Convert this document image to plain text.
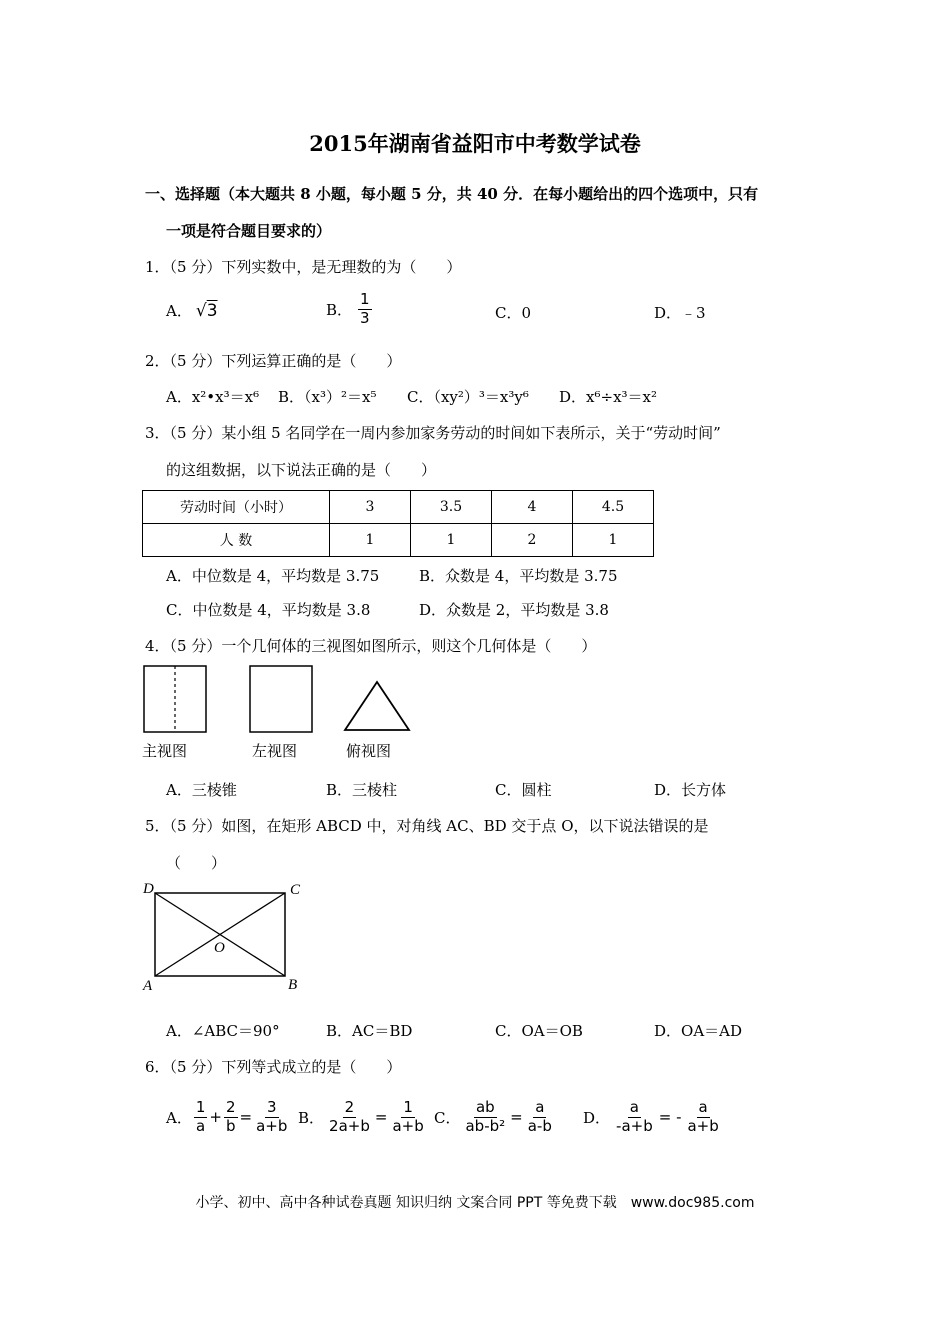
2015年湖南省益阳市中考数学试卷
一、选择题（本大题共 8 小题，每小题 5 分，共 40 分．在每小题给出的四个选项中，只有
一项是符合题目要求的）
1．（5 分）下列实数中，是无理数的为（　　）
A． √3	B． $\frac{1}{3}$	C．0	D．﹣3
2．（5 分）下列运算正确的是（　　）
A．x²•x³＝x⁶ B．（x³）²＝x⁵ C．（xy²）³＝x³y⁶ D．x⁶÷x³＝x²
3．（5 分）某小组 5 名同学在一周内参加家务劳动的时间如下表所示，关于“劳动时间”
的这组数据，以下说法正确的是（　　）
劳动时间（小时）	3	3.5	4	4.5
人 数	1	1	2	1
A．中位数是 4，平均数是 3.75	B．众数是 4，平均数是 3.75
C．中位数是 4，平均数是 3.8	D．众数是 2，平均数是 3.8
4．（5 分）一个几何体的三视图如图所示，则这个几何体是（　　）
主视图	左视图	俯视图
A．三棱锥	B．三棱柱	C．圆柱	D．长方体
5．（5 分）如图，在矩形 ABCD 中，对角线 AC、BD 交于点 O，以下说法错误的是
（　　）
D	C
O
A	B
A．∠ABC＝90°	B．AC＝BD	C．OA＝OB	D．OA＝AD
6．（5 分）下列等式成立的是（　　）
A． $\frac{1}{a} + \frac{2}{b} = \frac{3}{a+b}$ B． $\frac{2}{2a+b} = \frac{1}{a+b}$ C． $\frac{ab}{\text{ab-b²}} = \frac{a}{a-b}$ D． $\frac{a}{-a+b}$ = - $\frac{a}{a+b}$
小学、初中、高中各种试卷真题 知识归纳 文案合同 PPT 等免费下载　www.doc985.com
